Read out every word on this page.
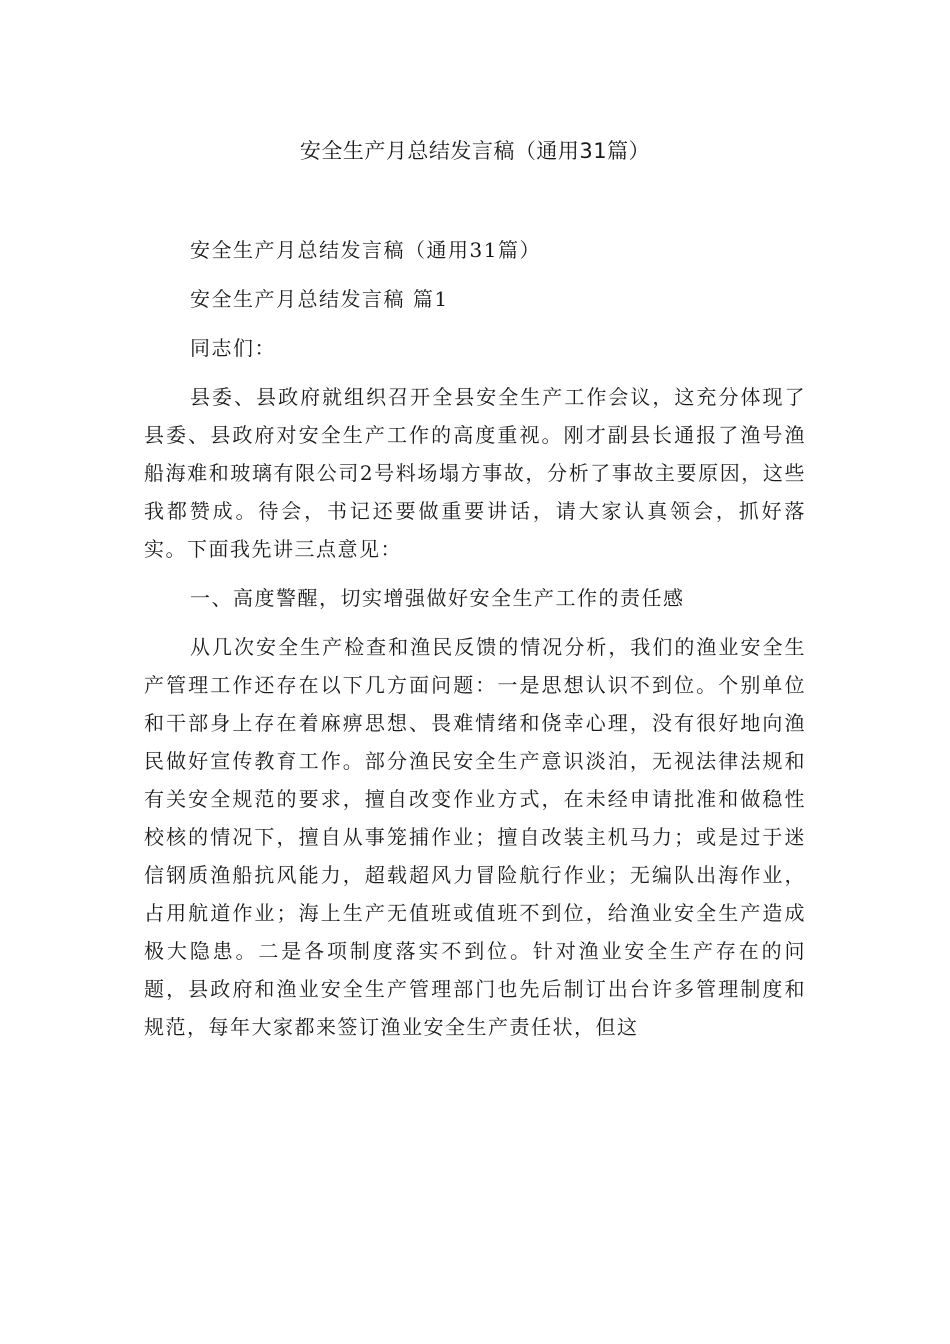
安全生产月总结发言稿（通用31篇）

安全生产月总结发言稿（通用31篇）

安全生产月总结发言稿 篇1

同志们：

县委、县政府就组织召开全县安全生产工作会议，这充分体现了县委、县政府对安全生产工作的高度重视。刚才副县长通报了渔号渔船海难和玻璃有限公司2号料场塌方事故，分析了事故主要原因，这些我都赞成。待会，书记还要做重要讲话，请大家认真领会，抓好落实。下面我先讲三点意见：

一、高度警醒，切实增强做好安全生产工作的责任感

从几次安全生产检查和渔民反馈的情况分析，我们的渔业安全生产管理工作还存在以下几方面问题：一是思想认识不到位。个别单位和干部身上存在着麻痹思想、畏难情绪和侥幸心理，没有很好地向渔民做好宣传教育工作。部分渔民安全生产意识淡泊，无视法律法规和有关安全规范的要求，擅自改变作业方式，在未经申请批准和做稳性校核的情况下，擅自从事笼捕作业；擅自改装主机马力；或是过于迷信钢质渔船抗风能力，超载超风力冒险航行作业；无编队出海作业，占用航道作业；海上生产无值班或值班不到位，给渔业安全生产造成极大隐患。二是各项制度落实不到位。针对渔业安全生产存在的问题，县政府和渔业安全生产管理部门也先后制订出台许多管理制度和规范，每年大家都来签订渔业安全生产责任状，但这
